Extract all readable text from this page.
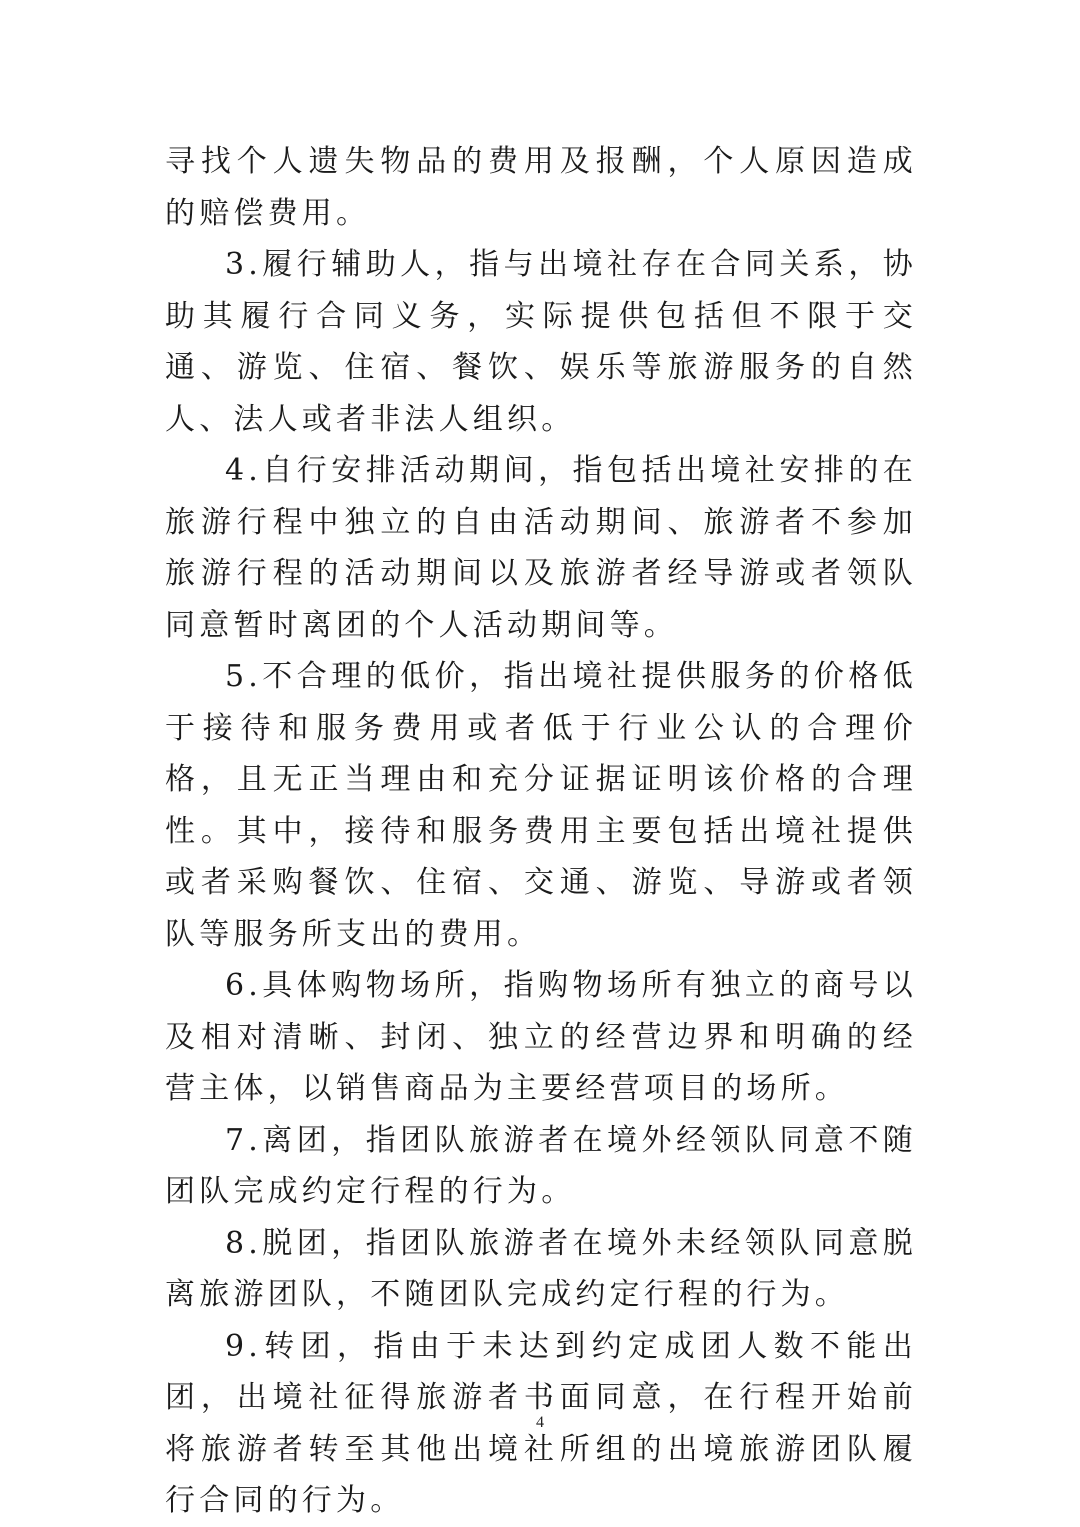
寻找个人遗失物品的费用及报酬，个人原因造成的赔偿费用。

3.履行辅助人，指与出境社存在合同关系，协助其履行合同义务，实际提供包括但不限于交通、游览、住宿、餐饮、娱乐等旅游服务的自然人、法人或者非法人组织。

4.自行安排活动期间，指包括出境社安排的在旅游行程中独立的自由活动期间、旅游者不参加旅游行程的活动期间以及旅游者经导游或者领队同意暂时离团的个人活动期间等。

5.不合理的低价，指出境社提供服务的价格低于接待和服务费用或者低于行业公认的合理价格，且无正当理由和充分证据证明该价格的合理性。其中，接待和服务费用主要包括出境社提供或者采购餐饮、住宿、交通、游览、导游或者领队等服务所支出的费用。

6.具体购物场所，指购物场所有独立的商号以及相对清晰、封闭、独立的经营边界和明确的经营主体，以销售商品为主要经营项目的场所。

7.离团，指团队旅游者在境外经领队同意不随团队完成约定行程的行为。

8.脱团，指团队旅游者在境外未经领队同意脱离旅游团队，不随团队完成约定行程的行为。

9.转团，指由于未达到约定成团人数不能出团，出境社征得旅游者书面同意，在行程开始前将旅游者转至其他出境社所组的出境旅游团队履行合同的行为。

4
